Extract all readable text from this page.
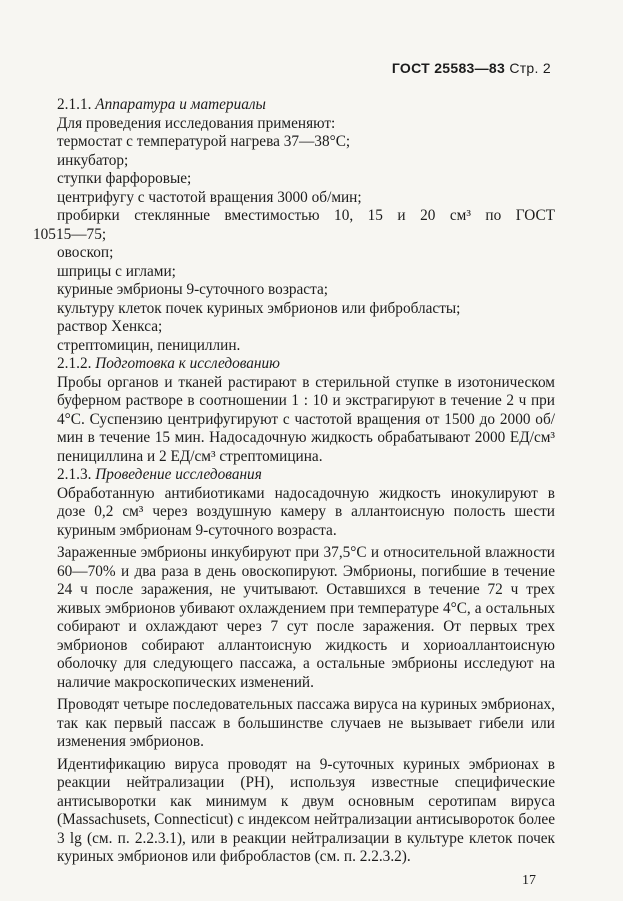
ГОСТ 25583—83 Стр. 2

2.1.1. Аппаратура и материалы

Для проведения исследования применяют:

термостат с температурой нагрева 37—38°С;

инкубатор;

ступки фарфоровые;

центрифугу с частотой вращения 3000 об/мин;

пробирки стеклянные вместимостью 10, 15 и 20 см³ по ГОСТ

10515—75;

овоскоп;

шприцы с иглами;

куриные эмбрионы 9-суточного возраста;

культуру клеток почек куриных эмбрионов или фибробласты;

раствор Хенкса;

стрептомицин, пенициллин.

2.1.2. Подготовка к исследованию

Пробы органов и тканей растирают в стерильной ступке в изотоническом буферном растворе в соотношении 1 : 10 и экстрагируют в течение 2 ч при 4°С. Суспензию центрифугируют с частотой вращения от 1500 до 2000 об/мин в течение 15 мин. Надосадочную жидкость обрабатывают 2000 ЕД/см³ пенициллина и 2 ЕД/см³ стрептомицина.

2.1.3. Проведение исследования

Обработанную антибиотиками надосадочную жидкость инокулируют в дозе 0,2 см³ через воздушную камеру в аллантоисную полость шести куриным эмбрионам 9-суточного возраста.

Зараженные эмбрионы инкубируют при 37,5°С и относительной влажности 60—70% и два раза в день овоскопируют. Эмбрионы, погибшие в течение 24 ч после заражения, не учитывают. Оставшихся в течение 72 ч трех живых эмбрионов убивают охлаждением при температуре 4°С, а остальных собирают и охлаждают через 7 сут после заражения. От первых трех эмбрионов собирают аллантоисную жидкость и хориоаллантоисную оболочку для следующего пассажа, а остальные эмбрионы исследуют на наличие макроскопических изменений.

Проводят четыре последовательных пассажа вируса на куриных эмбрионах, так как первый пассаж в большинстве случаев не вызывает гибели или изменения эмбрионов.

Идентификацию вируса проводят на 9-суточных куриных эмбрионах в реакции нейтрализации (РН), используя известные специфические антисыворотки как минимум к двум основным серотипам вируса (Massachusets, Connecticut) с индексом нейтрализации антисывороток более 3 lg (см. п. 2.2.3.1), или в реакции нейтрализации в культуре клеток почек куриных эмбрионов или фибробластов (см. п. 2.2.3.2).

17
